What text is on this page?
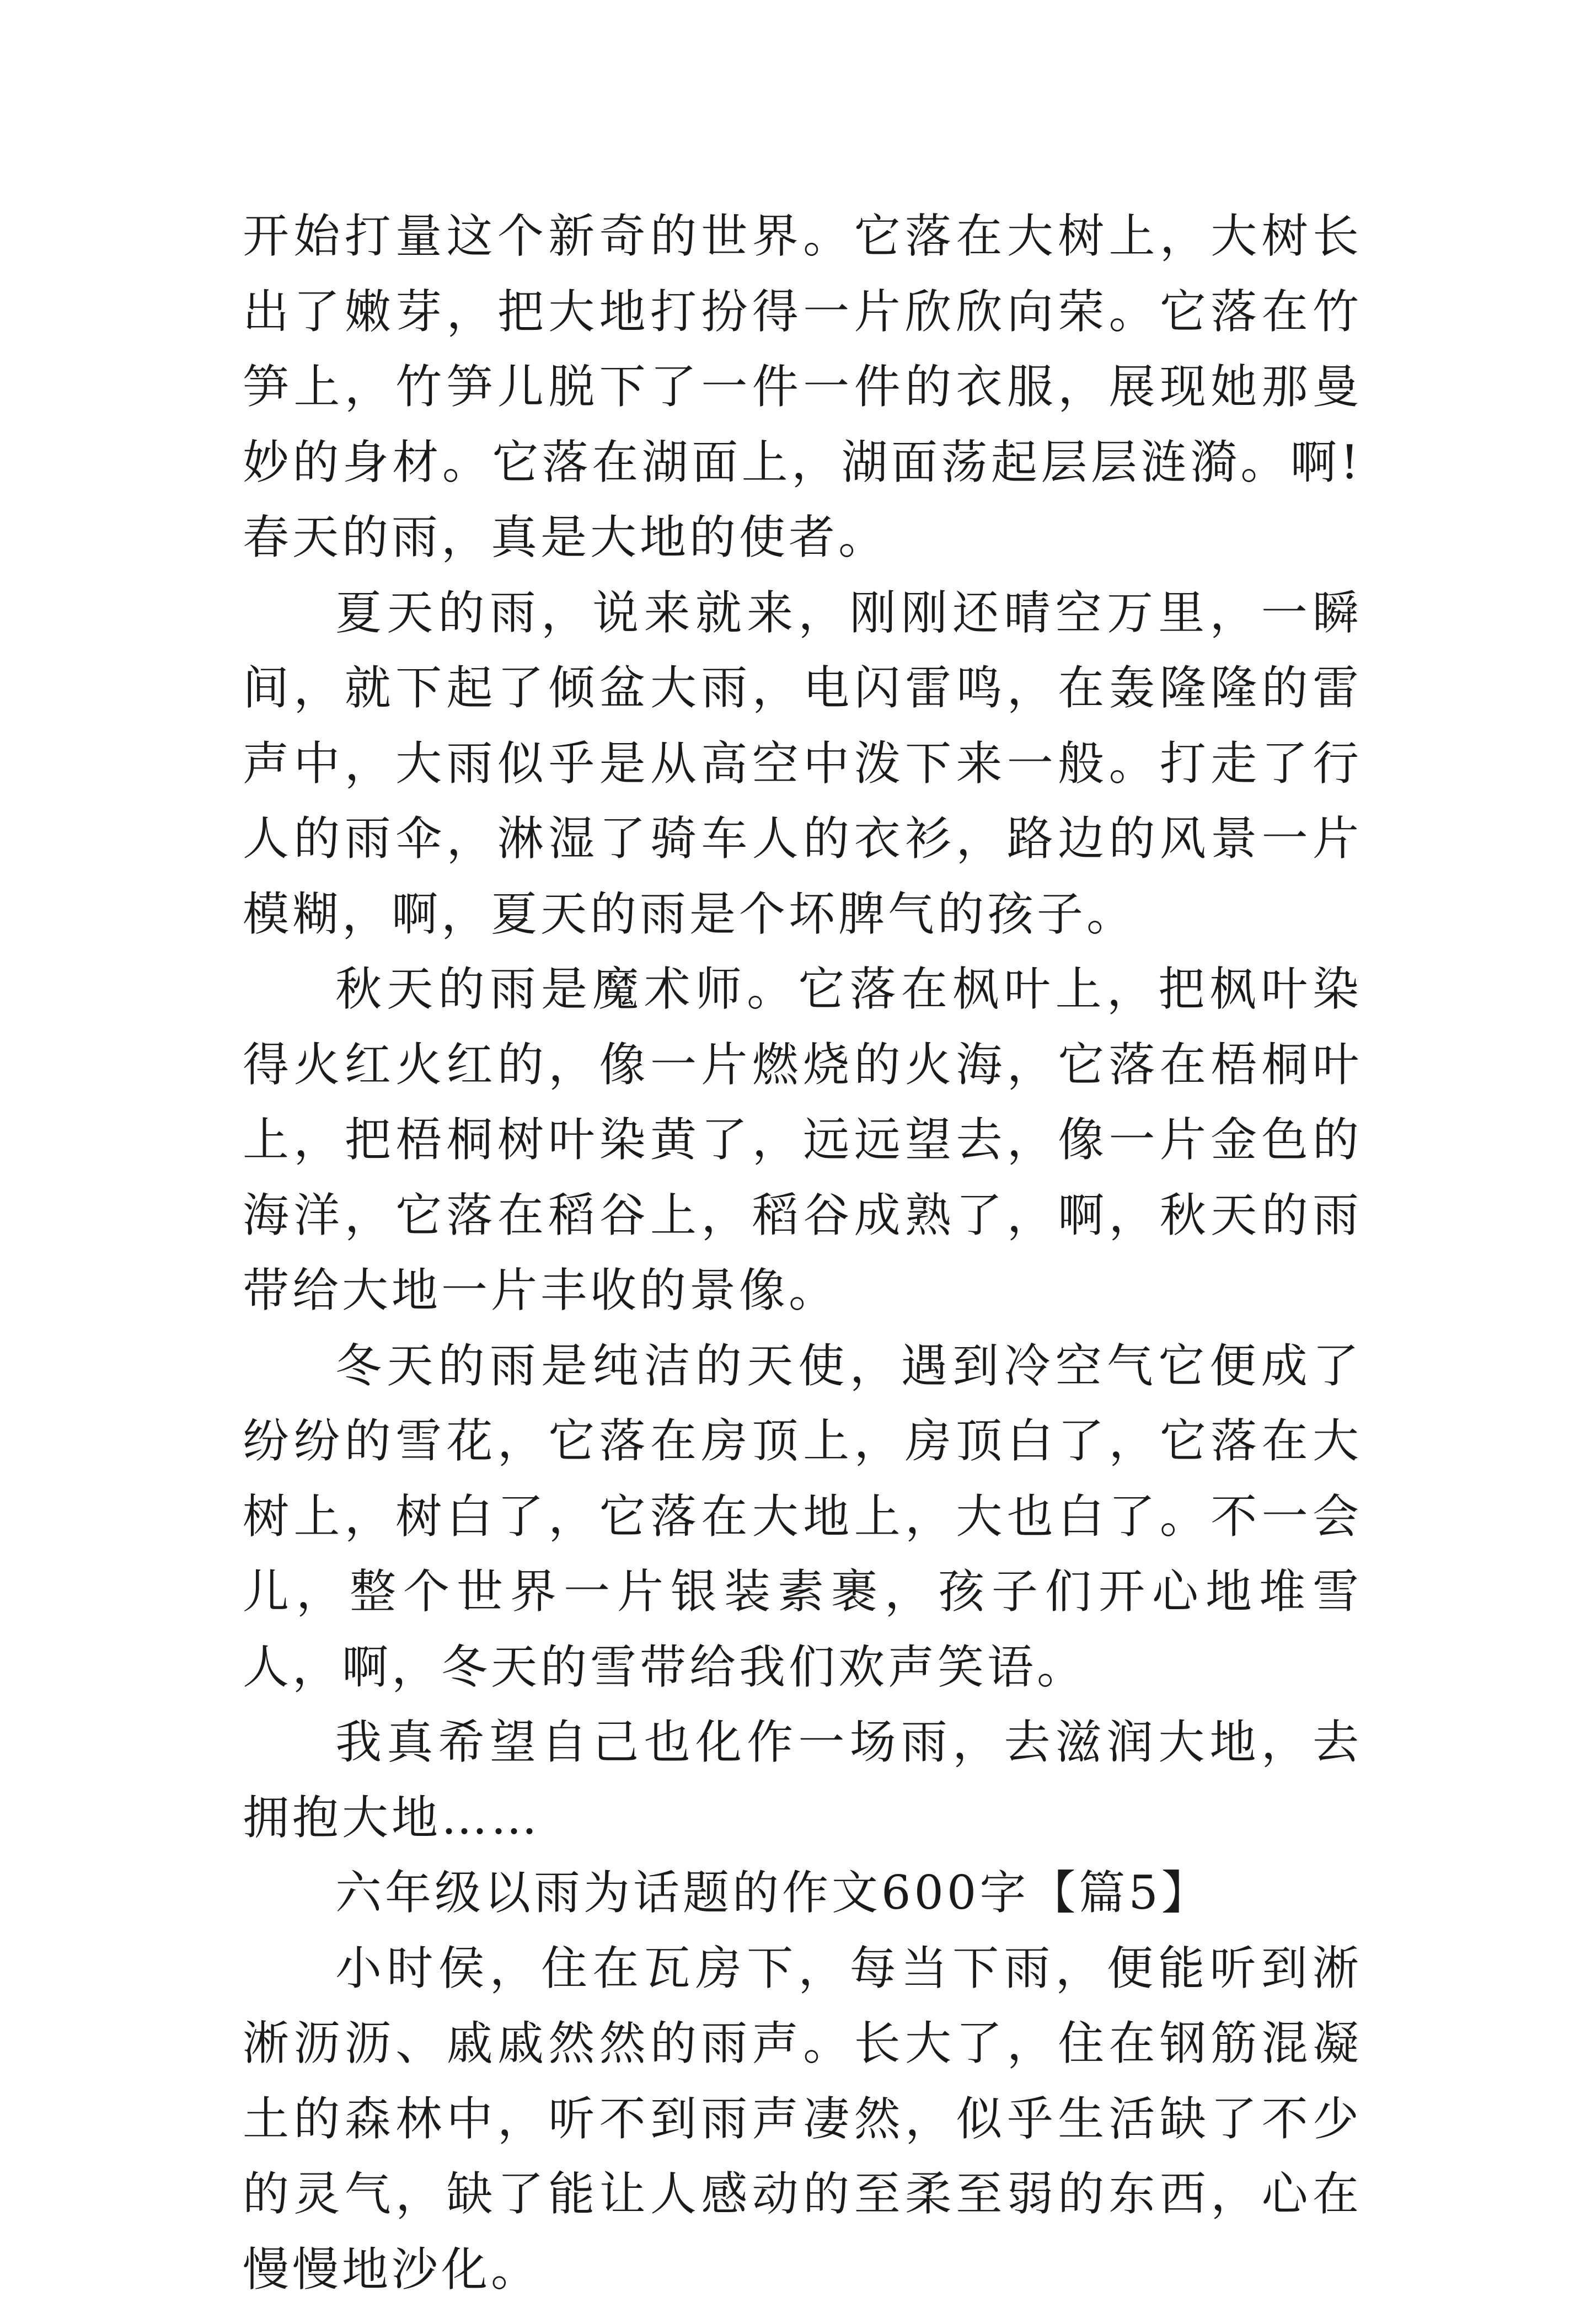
开始打量这个新奇的世界。它落在大树上，大树长出了嫩芽，把大地打扮得一片欣欣向荣。它落在竹笋上，竹笋儿脱下了一件一件的衣服，展现她那曼妙的身材。它落在湖面上，湖面荡起层层涟漪。啊!春天的雨，真是大地的使者。

夏天的雨，说来就来，刚刚还晴空万里，一瞬间，就下起了倾盆大雨，电闪雷鸣，在轰隆隆的雷声中，大雨似乎是从高空中泼下来一般。打走了行人的雨伞，淋湿了骑车人的衣衫，路边的风景一片模糊，啊，夏天的雨是个坏脾气的孩子。

秋天的雨是魔术师。它落在枫叶上，把枫叶染得火红火红的，像一片燃烧的火海，它落在梧桐叶上，把梧桐树叶染黄了，远远望去，像一片金色的海洋，它落在稻谷上，稻谷成熟了，啊，秋天的雨带给大地一片丰收的景像。

冬天的雨是纯洁的天使，遇到冷空气它便成了纷纷的雪花，它落在房顶上，房顶白了，它落在大树上，树白了，它落在大地上，大也白了。不一会儿，整个世界一片银装素裹，孩子们开心地堆雪人，啊，冬天的雪带给我们欢声笑语。

我真希望自己也化作一场雨，去滋润大地，去拥抱大地……

六年级以雨为话题的作文600字【篇5】

小时侯，住在瓦房下，每当下雨，便能听到淅淅沥沥、戚戚然然的雨声。长大了，住在钢筋混凝土的森林中，听不到雨声凄然，似乎生活缺了不少的灵气，缺了能让人感动的至柔至弱的东西，心在慢慢地沙化。
